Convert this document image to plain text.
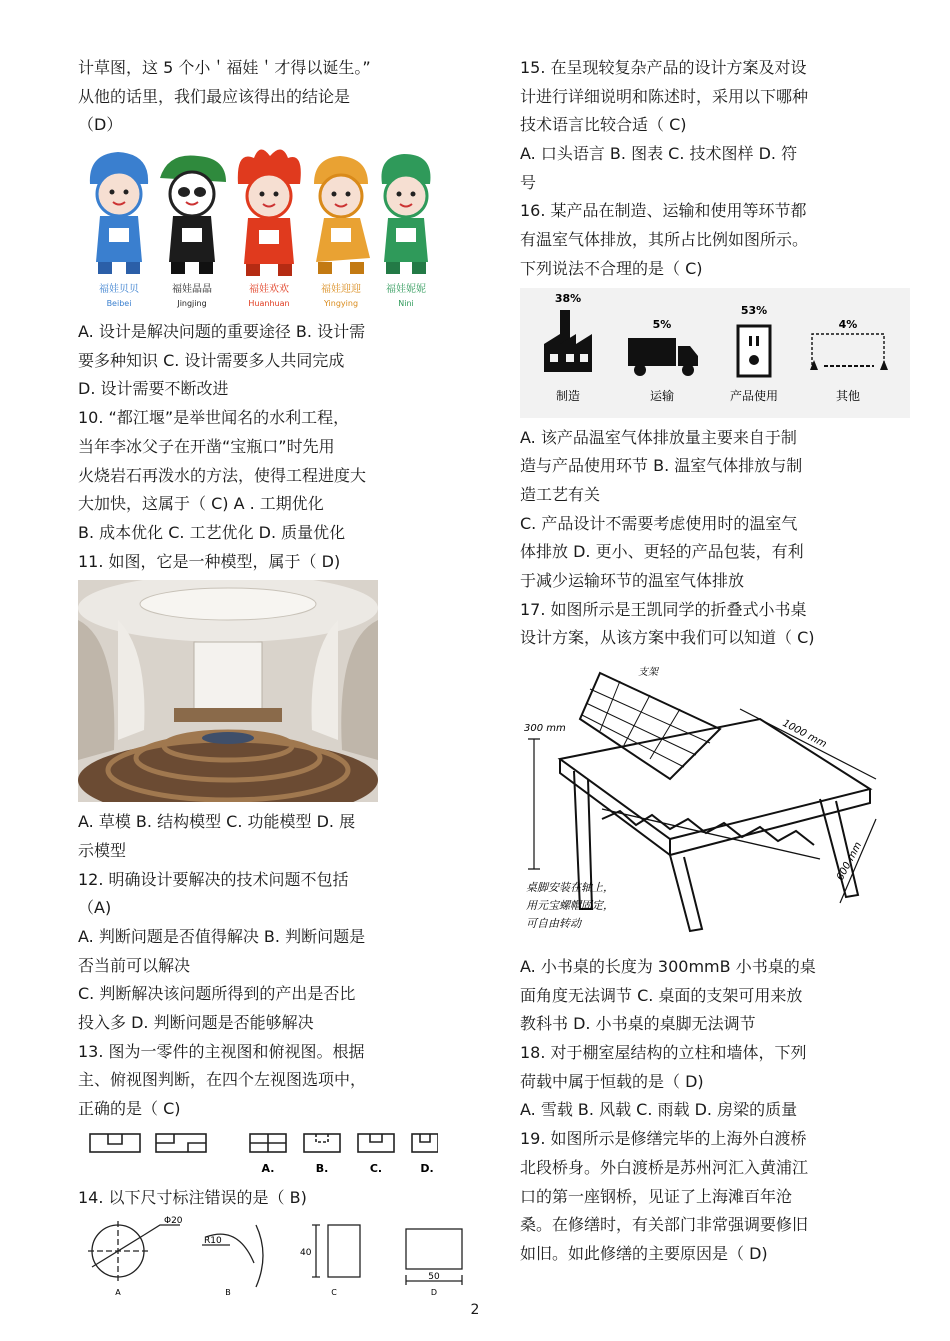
计草图，这 5 个小＇福娃＇才得以诞生。”

从他的话里，我们最应该得出的结论是

（D）

福娃贝贝	福娃晶晶	福娃欢欢	福娃迎迎	福娃妮妮
Beibei	Jingjing	Huanhuan	Yingying	Nini

A. 设计是解决问题的重要途径 B. 设计需

要多种知识 C. 设计需要多人共同完成

D. 设计需要不断改进

10. “都江堰”是举世闻名的水利工程，

当年李冰父子在开凿“宝瓶口”时先用

火烧岩石再泼水的方法，使得工程进度大

大加快，这属于（ C) A . 工期优化

B. 成本优化 C. 工艺优化 D. 质量优化

11. 如图，它是一种模型，属于（ D)

A. 草模 B. 结构模型 C. 功能模型 D. 展

示模型

12. 明确设计要解决的技术问题不包括

（A)

A. 判断问题是否值得解决 B. 判断问题是

否当前可以解决

C. 判断解决该问题所得到的产出是否比

投入多 D. 判断问题是否能够解决

13. 图为一零件的主视图和俯视图。根据

主、俯视图判断，在四个左视图选项中，

正确的是（ C)

A.	B.	C.	D.

14. 以下尺寸标注错误的是（ B)

Φ20
R10
40
50
A	B	C	D

15. 在呈现较复杂产品的设计方案及对设

计进行详细说明和陈述时，采用以下哪种

技术语言比较合适（ C)

A. 口头语言 B. 图表 C. 技术图样 D. 符

号

16. 某产品在制造、运输和使用等环节都

有温室气体排放，其所占比例如图所示。

下列说法不合理的是（ C)

38%
5%
53%
4%
制造	运输	产品使用	其他

A. 该产品温室气体排放量主要来自于制

造与产品使用环节 B. 温室气体排放与制

造工艺有关

C. 产品设计不需要考虑使用时的温室气

体排放 D. 更小、更轻的产品包装，有利

于减少运输环节的温室气体排放

17. 如图所示是王凯同学的折叠式小书桌

设计方案，从该方案中我们可以知道（ C)

支架
1000 mm
300 mm
600 mm
桌脚安装在轴上，
用元宝螺帽固定，
可自由转动

A. 小书桌的长度为 300mmB 小书桌的桌

面角度无法调节 C. 桌面的支架可用来放

教科书 D. 小书桌的桌脚无法调节

18. 对于棚室屋结构的立柱和墙体，下列

荷载中属于恒载的是（ D)

A. 雪载 B. 风载 C. 雨载 D. 房梁的质量

19. 如图所示是修缮完毕的上海外白渡桥

北段桥身。外白渡桥是苏州河汇入黄浦江

口的第一座钢桥，见证了上海滩百年沧

桑。在修缮时，有关部门非常强调要修旧

如旧。如此修缮的主要原因是（ D)

2
